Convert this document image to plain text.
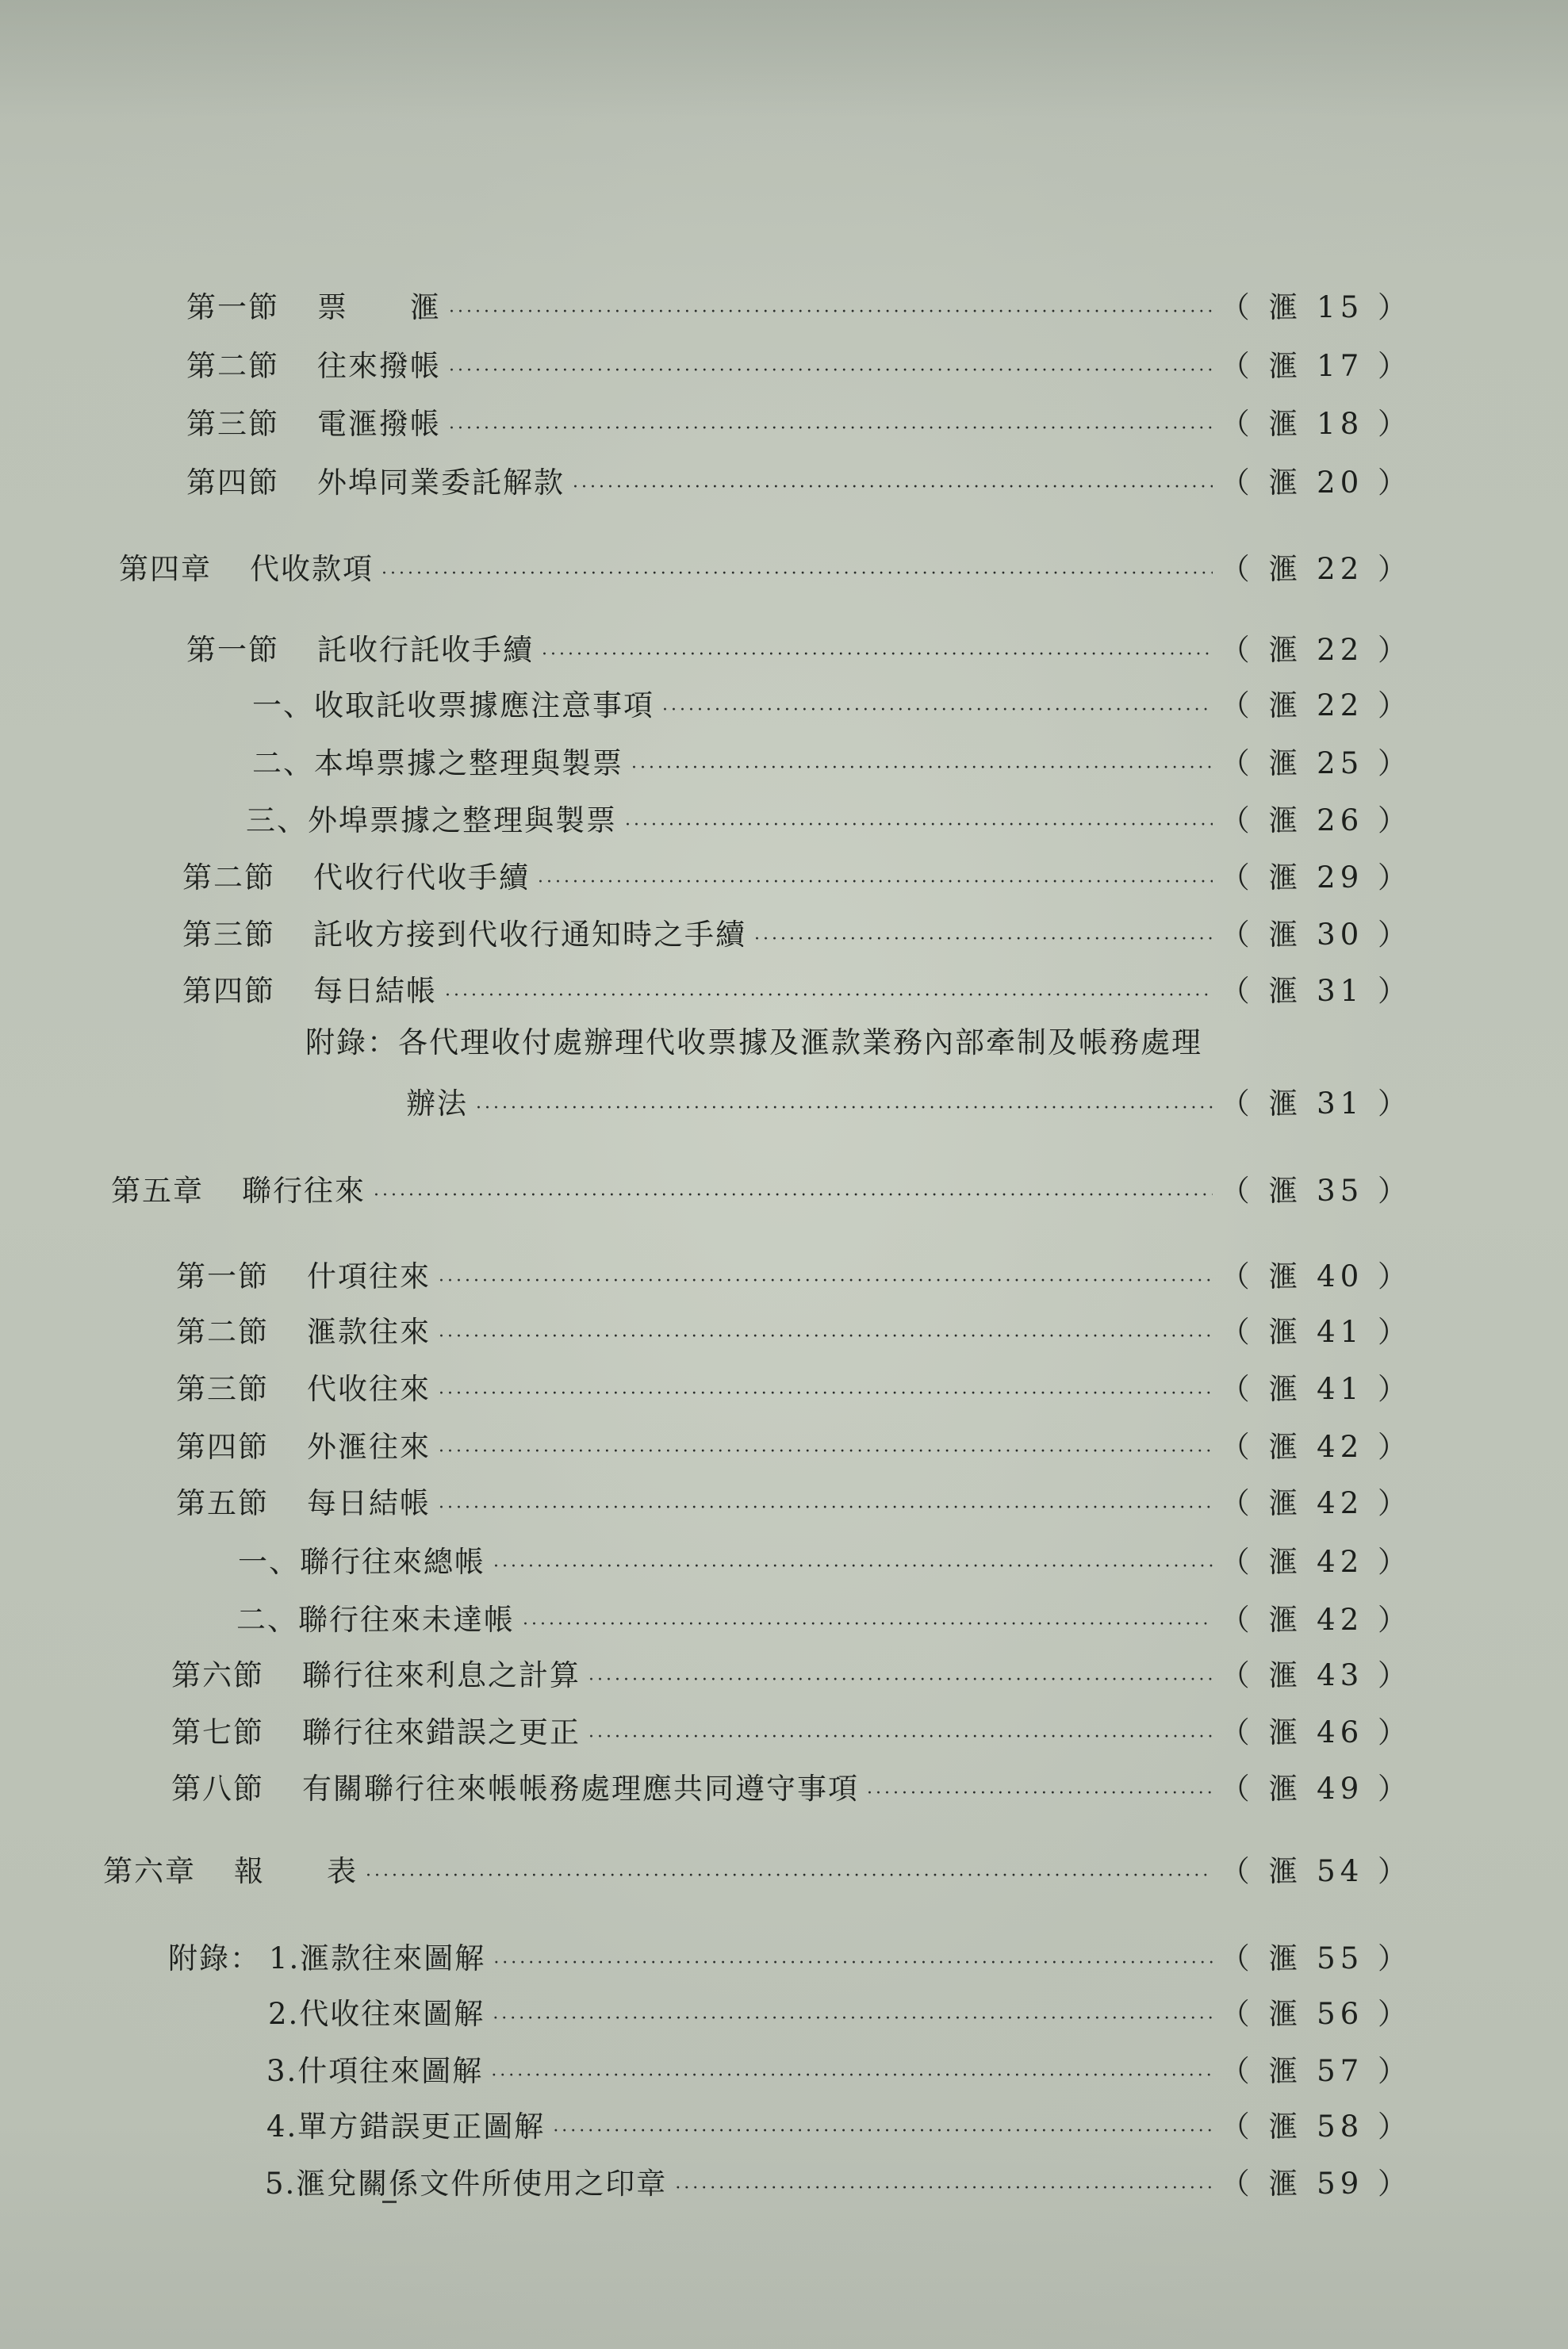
第一節 票　　滙 ·····	（ 滙 15 ）
第二節 往來撥帳 ·····	（ 滙 17 ）
第三節 電滙撥帳 ·····	（ 滙 18 ）
第四節 外埠同業委託解款 ·····	（ 滙 20 ）
第四章 代收款項 ·····	（ 滙 22 ）
第一節 託收行託收手續 ·····	（ 滙 22 ）
一、 收取託收票據應注意事項 ·····	（ 滙 22 ）
二、 本埠票據之整理與製票 ·····	（ 滙 25 ）
三、 外埠票據之整理與製票 ·····	（ 滙 26 ）
第二節 代收行代收手續 ·····	（ 滙 29 ）
第三節 託收方接到代收行通知時之手續 ·····	（ 滙 30 ）
第四節 每日結帳 ·····	（ 滙 31 ）
附錄：各代理收付處辦理代收票據及滙款業務內部牽制及帳務處理
辦法 ·····	（ 滙 31 ）
第五章 聯行往來 ·····	（ 滙 35 ）
第一節 什項往來 ·····	（ 滙 40 ）
第二節 滙款往來 ·····	（ 滙 41 ）
第三節 代收往來 ·····	（ 滙 41 ）
第四節 外滙往來 ·····	（ 滙 42 ）
第五節 每日結帳 ·····	（ 滙 42 ）
一、 聯行往來總帳 ·····	（ 滙 42 ）
二、 聯行往來未達帳 ·····	（ 滙 42 ）
第六節 聯行往來利息之計算 ·····	（ 滙 43 ）
第七節 聯行往來錯誤之更正 ·····	（ 滙 46 ）
第八節 有關聯行往來帳帳務處理應共同遵守事項 ·····	（ 滙 49 ）
第六章 報　　表 ·····	（ 滙 54 ）
附錄： 1.滙款往來圖解 ·····	（ 滙 55 ）
2.代收往來圖解 ·····	（ 滙 56 ）
3.什項往來圖解 ·····	（ 滙 57 ）
4.單方錯誤更正圖解 ·····	（ 滙 58 ）
5.滙兌關係文件所使用之印章 ·····	（ 滙 59 ）
